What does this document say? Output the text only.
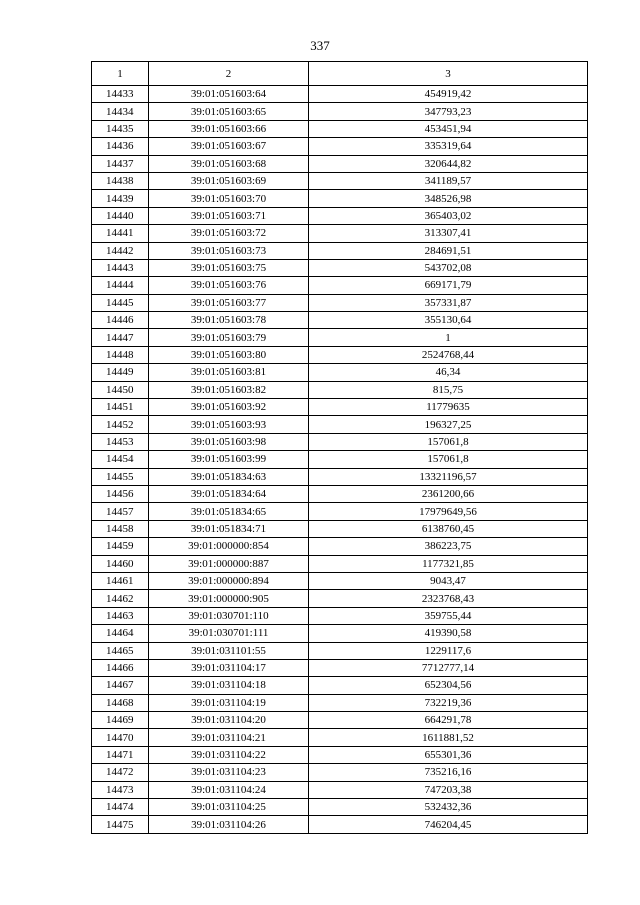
337
1	2	3
14433	39:01:051603:64	454919,42
14434	39:01:051603:65	347793,23
14435	39:01:051603:66	453451,94
14436	39:01:051603:67	335319,64
14437	39:01:051603:68	320644,82
14438	39:01:051603:69	341189,57
14439	39:01:051603:70	348526,98
14440	39:01:051603:71	365403,02
14441	39:01:051603:72	313307,41
14442	39:01:051603:73	284691,51
14443	39:01:051603:75	543702,08
14444	39:01:051603:76	669171,79
14445	39:01:051603:77	357331,87
14446	39:01:051603:78	355130,64
14447	39:01:051603:79	1
14448	39:01:051603:80	2524768,44
14449	39:01:051603:81	46,34
14450	39:01:051603:82	815,75
14451	39:01:051603:92	11779635
14452	39:01:051603:93	196327,25
14453	39:01:051603:98	157061,8
14454	39:01:051603:99	157061,8
14455	39:01:051834:63	13321196,57
14456	39:01:051834:64	2361200,66
14457	39:01:051834:65	17979649,56
14458	39:01:051834:71	6138760,45
14459	39:01:000000:854	386223,75
14460	39:01:000000:887	1177321,85
14461	39:01:000000:894	9043,47
14462	39:01:000000:905	2323768,43
14463	39:01:030701:110	359755,44
14464	39:01:030701:111	419390,58
14465	39:01:031101:55	1229117,6
14466	39:01:031104:17	7712777,14
14467	39:01:031104:18	652304,56
14468	39:01:031104:19	732219,36
14469	39:01:031104:20	664291,78
14470	39:01:031104:21	1611881,52
14471	39:01:031104:22	655301,36
14472	39:01:031104:23	735216,16
14473	39:01:031104:24	747203,38
14474	39:01:031104:25	532432,36
14475	39:01:031104:26	746204,45
